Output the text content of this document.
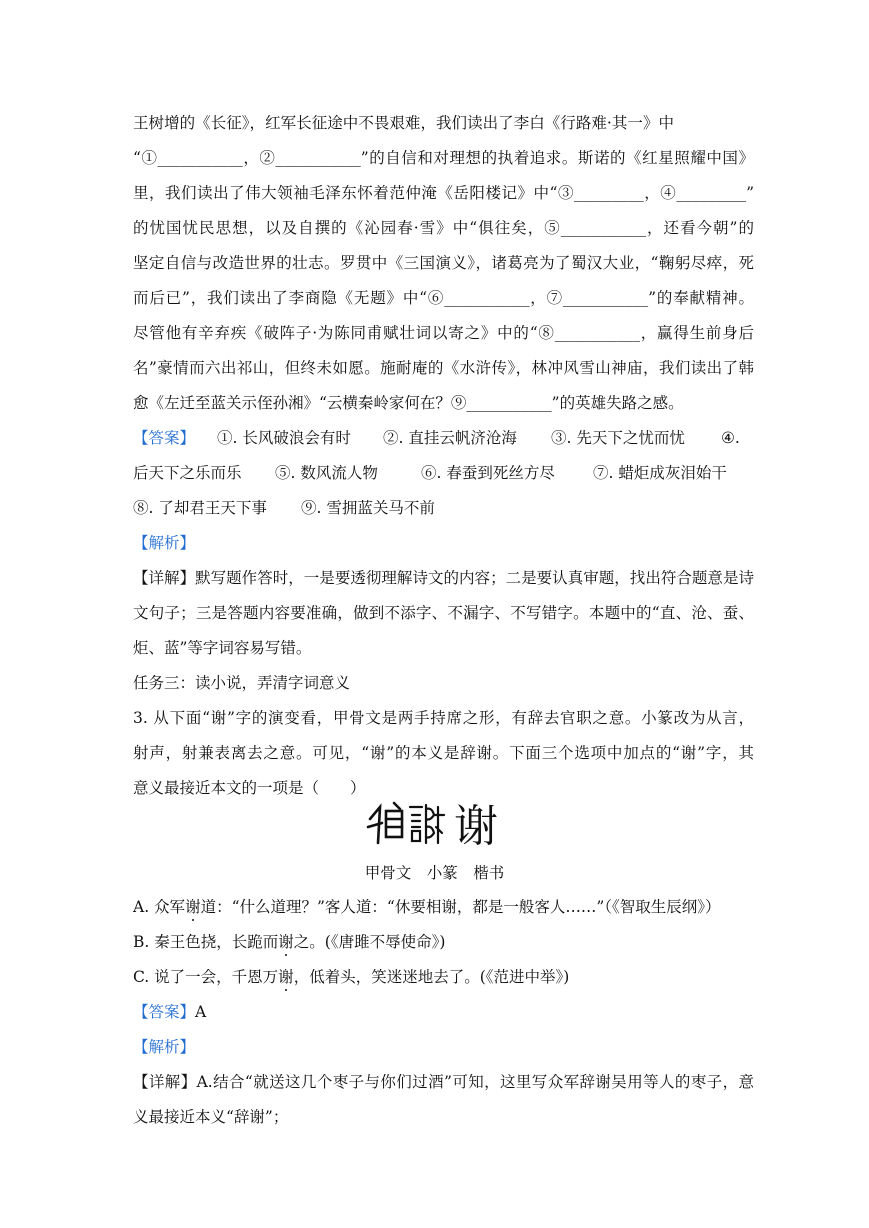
王树增的《长征》，红军长征途中不畏艰难，我们读出了李白《行路难·其一》中
“①___________，②___________”的自信和对理想的执着追求。斯诺的《红星照耀中国》
里，我们读出了伟大领袖毛泽东怀着范仲淹《岳阳楼记》中“③_________，④_________”
的忧国忧民思想，以及自撰的《沁园春·雪》中“俱往矣，⑤___________，还看今朝”的
坚定自信与改造世界的壮志。罗贯中《三国演义》，诸葛亮为了蜀汉大业，“鞠躬尽瘁，死
而后已”，我们读出了李商隐《无题》中“⑥___________，⑦___________”的奉献精神。
尽管他有辛弃疾《破阵子·为陈同甫赋壮词以寄之》中的“⑧___________，赢得生前身后
名”豪情而六出祁山，但终未如愿。施耐庵的《水浒传》，林冲风雪山神庙，我们读出了韩
愈《左迁至蓝关示侄孙湘》“云横秦岭家何在？⑨___________”的英雄失路之感。
【答案】 ①. 长风破浪会有时 ②. 直挂云帆济沧海 ③. 先天下之忧而忧 ④.
后天下之乐而乐 ⑤. 数风流人物	⑥. 春蚕到死丝方尽 ⑦. 蜡炬成灰泪始干
⑧. 了却君王天下事 ⑨. 雪拥蓝关马不前
【解析】
【详解】默写题作答时，一是要透彻理解诗文的内容；二是要认真审题，找出符合题意是诗
文句子；三是答题内容要准确，做到不添字、不漏字、不写错字。本题中的“直、沧、蚕、
炬、蓝”等字词容易写错。
任务三：读小说，弄清字词意义
3. 从下面“谢”字的演变看，甲骨文是两手持席之形，有辞去官职之意。小篆改为从言，
射声，射兼表离去之意。可见，“谢”的本义是辞谢。下面三个选项中加点的“谢”字，其
意义最接近本文的一项是（　　）
谢
甲骨文　小篆　楷书
A. 众军谢道：“什么道理？”客人道：“休要相谢，都是一般客人……”（《智取生辰纲》）
B. 秦王色挠，长跪而谢之。(《唐雎不辱使命》)
C. 说了一会，千恩万谢，低着头，笑迷迷地去了。(《范进中举》)
【答案】A
【解析】
【详解】A.结合“就送这几个枣子与你们过酒”可知，这里写众军辞谢吴用等人的枣子，意
义最接近本义“辞谢”；
